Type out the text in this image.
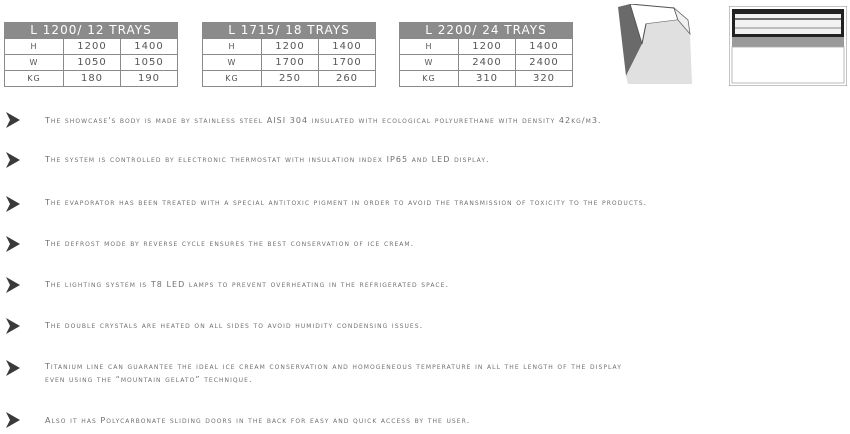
L 1200/ 12 TRAYS		
H	1200	1400
W	1050	1050
KG	180	190
L 1715/ 18 TRAYS		
H	1200	1400
W	1700	1700
KG	250	260
L 2200/ 24 TRAYS		
H	1200	1400
W	2400	2400
KG	310	320
The showcase's body is made by stainless steel AISI 304 insulated with ecological polyurethane with density 42kg/m3.
The system is controlled by electronic thermostat with insulation index IP65 and LED display.
The evaporator has been treated with a special antitoxic pigment in order to avoid the transmission of toxicity to the products.
The defrost mode by reverse cycle ensures the best conservation of ice cream.
The lighting system is T8 LED lamps to prevent overheating in the refrigerated space.
The double crystals are heated on all sides to avoid humidity condensing issues.
Titanium line can guarantee the ideal ice cream conservation and homogeneous temperature in all the length of the display
even using the “mountain gelato” technique.
Also it has Polycarbonate sliding doors in the back for easy and quick access by the user.
